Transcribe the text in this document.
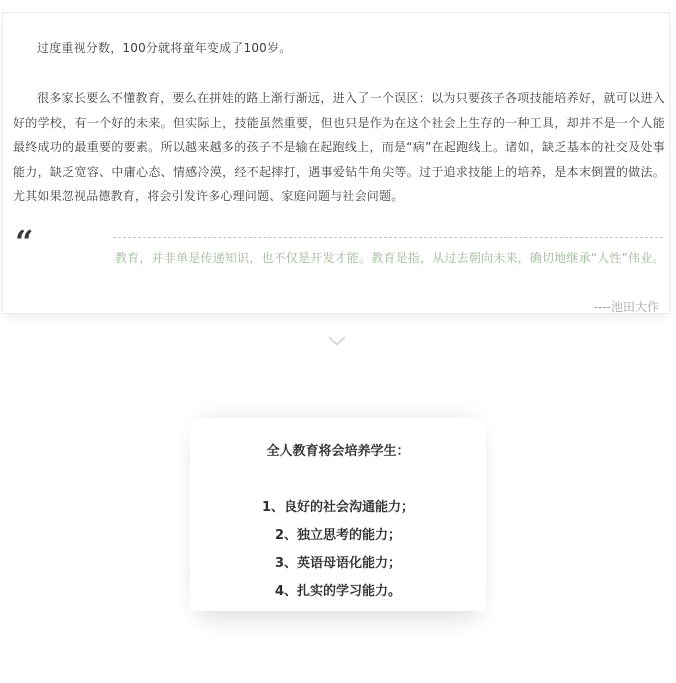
过度重视分数，100分就将童年变成了100岁。

很多家长要么不懂教育，要么在拼娃的路上渐行渐远，进入了一个误区：以为只要孩子各项技能培养好，就可以进入好的学校，有一个好的未来。但实际上，技能虽然重要，但也只是作为在这个社会上生存的一种工具，却并不是一个人能最终成功的最重要的要素。所以越来越多的孩子不是输在起跑线上，而是“病”在起跑线上。诸如，缺乏基本的社交及处事能力，缺乏宽容、中庸心态、情感冷漠，经不起摔打，遇事爱钻牛角尖等。过于追求技能上的培养，是本末倒置的做法。尤其如果忽视品德教育，将会引发许多心理问题、家庭问题与社会问题。

“	教育，并非单是传递知识，也不仅是开发才能。教育是指，从过去朝向未来，确切地继承“人性”伟业。
----池田大作

全人教育将会培养学生：

1、良好的社会沟通能力；

2、独立思考的能力；

3、英语母语化能力；

4、扎实的学习能力。
